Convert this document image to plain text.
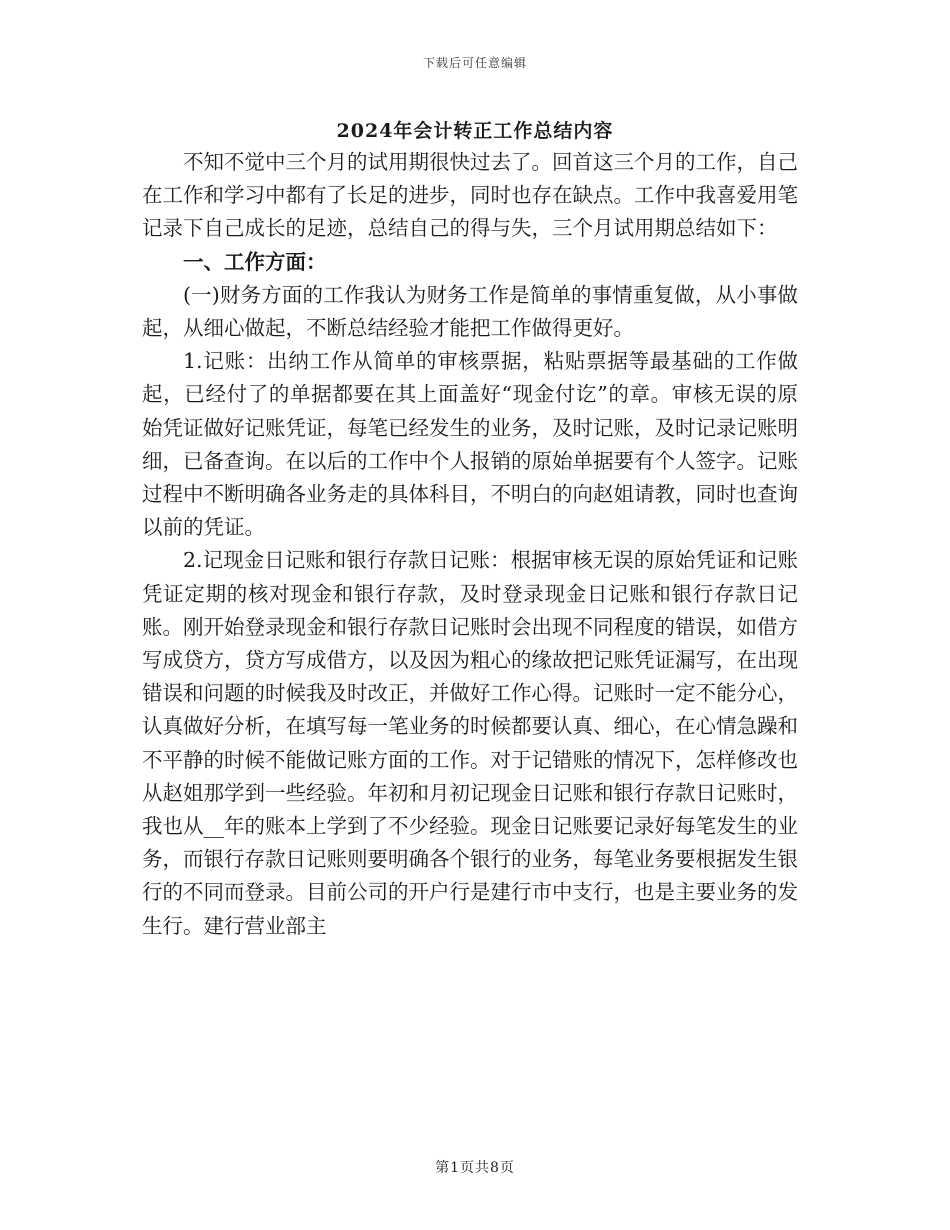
下载后可任意编辑
2024年会计转正工作总结内容

不知不觉中三个月的试用期很快过去了。回首这三个月的工作，自己在工作和学习中都有了长足的进步，同时也存在缺点。工作中我喜爱用笔记录下自己成长的足迹，总结自己的得与失，三个月试用期总结如下：

一、工作方面：

(一)财务方面的工作我认为财务工作是简单的事情重复做，从小事做起，从细心做起，不断总结经验才能把工作做得更好。

1.记账：出纳工作从简单的审核票据，粘贴票据等最基础的工作做起，已经付了的单据都要在其上面盖好“现金付讫”的章。审核无误的原始凭证做好记账凭证，每笔已经发生的业务，及时记账，及时记录记账明细，已备查询。在以后的工作中个人报销的原始单据要有个人签字。记账过程中不断明确各业务走的具体科目，不明白的向赵姐请教，同时也查询以前的凭证。

2.记现金日记账和银行存款日记账：根据审核无误的原始凭证和记账凭证定期的核对现金和银行存款，及时登录现金日记账和银行存款日记账。刚开始登录现金和银行存款日记账时会出现不同程度的错误，如借方写成贷方，贷方写成借方，以及因为粗心的缘故把记账凭证漏写，在出现错误和问题的时候我及时改正，并做好工作心得。记账时一定不能分心，认真做好分析，在填写每一笔业务的时候都要认真、细心，在心情急躁和不平静的时候不能做记账方面的工作。对于记错账的情况下，怎样修改也从赵姐那学到一些经验。年初和月初记现金日记账和银行存款日记账时，我也从__年的账本上学到了不少经验。现金日记账要记录好每笔发生的业务，而银行存款日记账则要明确各个银行的业务，每笔业务要根据发生银行的不同而登录。目前公司的开户行是建行市中支行，也是主要业务的发生行。建行营业部主

第1页共8页
